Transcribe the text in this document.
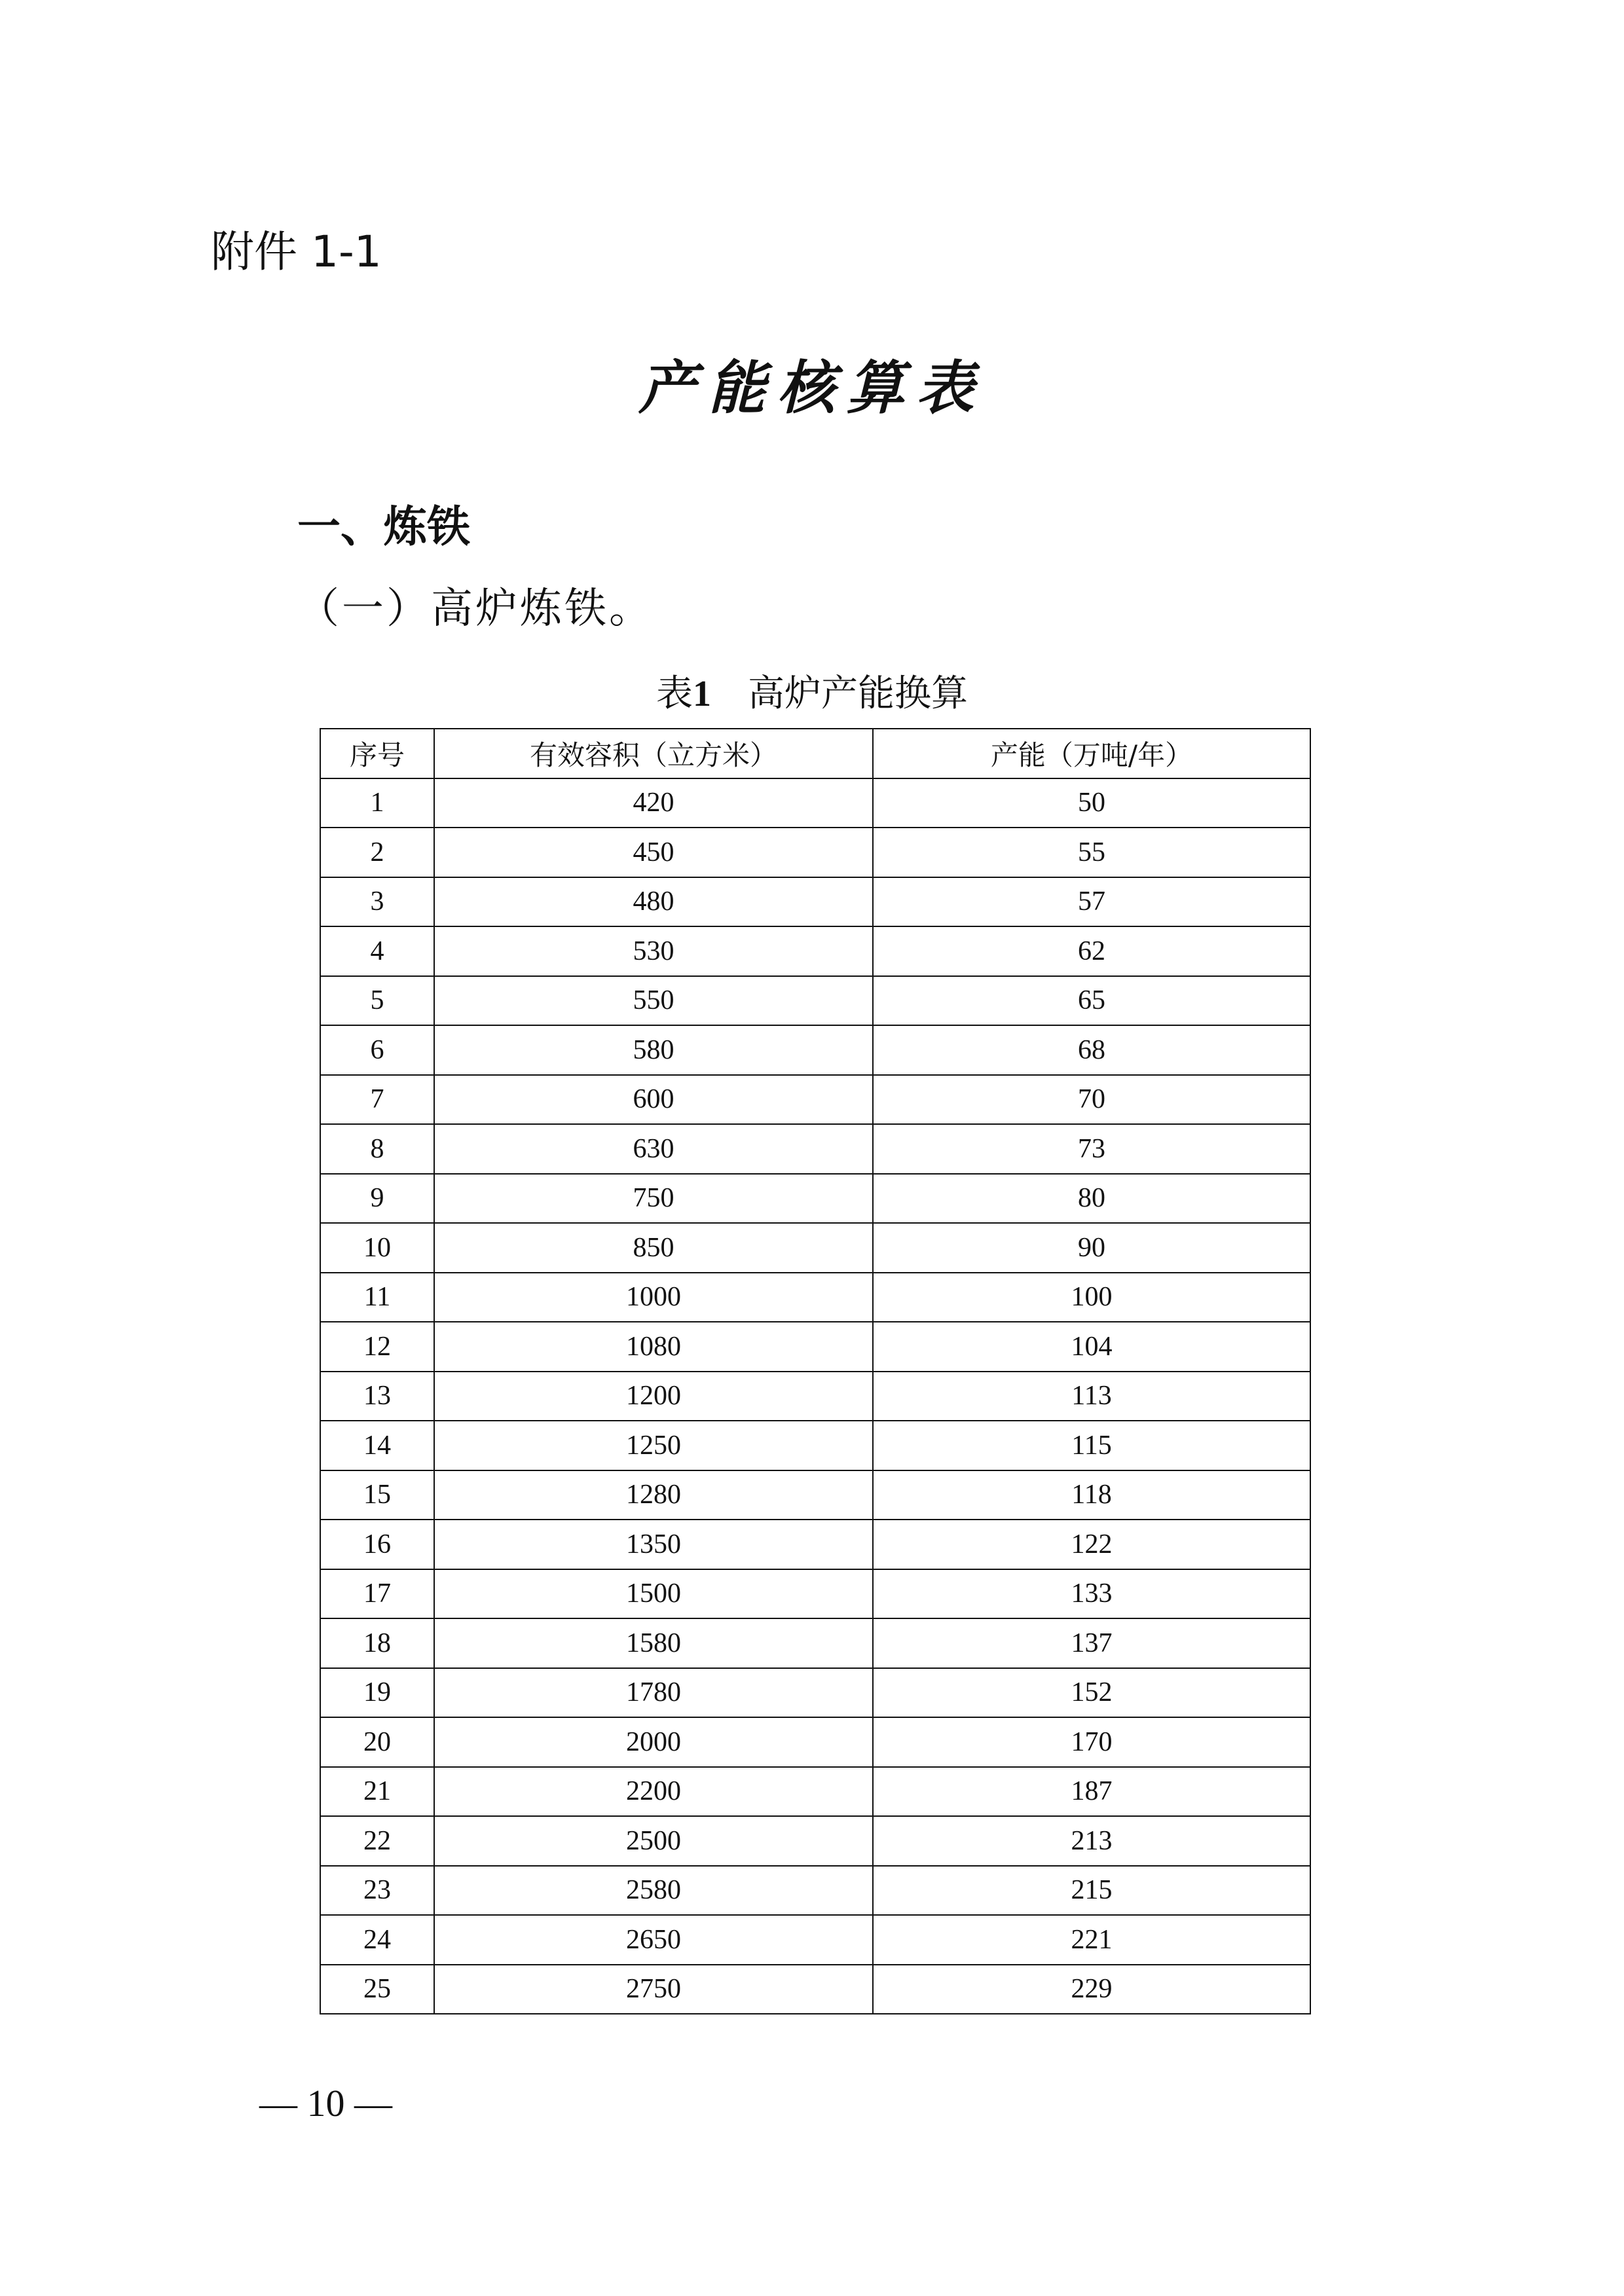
附件 1-1
产能核算表
一、炼铁
（一）高炉炼铁。
表1 高炉产能换算
序号	有效容积（立方米）	产能（万吨/年）
1	420	50
2	450	55
3	480	57
4	530	62
5	550	65
6	580	68
7	600	70
8	630	73
9	750	80
10	850	90
11	1000	100
12	1080	104
13	1200	113
14	1250	115
15	1280	118
16	1350	122
17	1500	133
18	1580	137
19	1780	152
20	2000	170
21	2200	187
22	2500	213
23	2580	215
24	2650	221
25	2750	229
— 10 —
